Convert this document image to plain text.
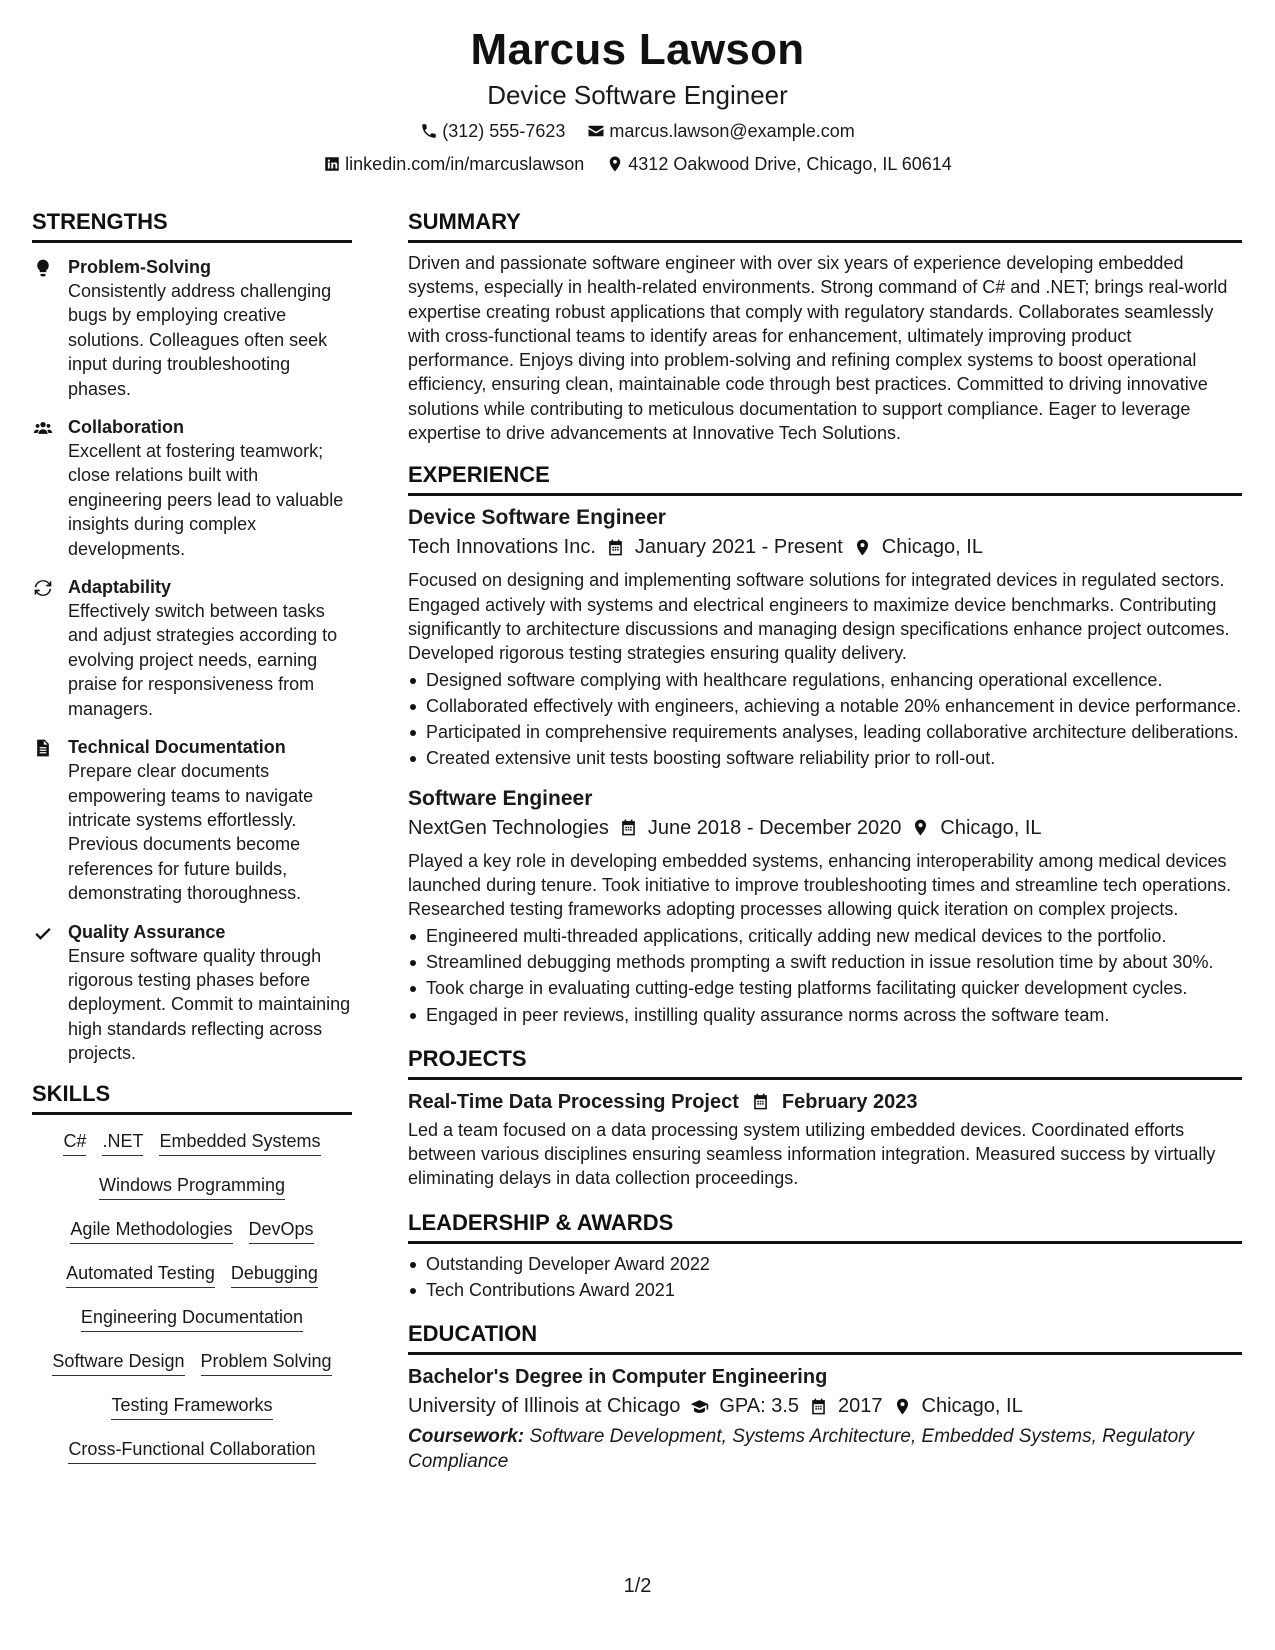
Marcus Lawson
Device Software Engineer
(312) 555-7623 marcus.lawson@example.com
linkedin.com/in/marcuslawson 4312 Oakwood Drive, Chicago, IL 60614
STRENGTHS
Problem-Solving
Consistently address challenging bugs by employing creative solutions. Colleagues often seek input during troubleshooting phases.
Collaboration
Excellent at fostering teamwork; close relations built with engineering peers lead to valuable insights during complex developments.
Adaptability
Effectively switch between tasks and adjust strategies according to evolving project needs, earning praise for responsiveness from managers.
Technical Documentation
Prepare clear documents empowering teams to navigate intricate systems effortlessly. Previous documents become references for future builds, demonstrating thoroughness.
Quality Assurance
Ensure software quality through rigorous testing phases before deployment. Commit to maintaining high standards reflecting across projects.
SKILLS
C# .NET Embedded Systems
Windows Programming
Agile Methodologies DevOps
Automated Testing Debugging
Engineering Documentation
Software Design Problem Solving
Testing Frameworks
Cross-Functional Collaboration
SUMMARY
Driven and passionate software engineer with over six years of experience developing embedded systems, especially in health-related environments. Strong command of C# and .NET; brings real-world expertise creating robust applications that comply with regulatory standards. Collaborates seamlessly with cross-functional teams to identify areas for enhancement, ultimately improving product performance. Enjoys diving into problem-solving and refining complex systems to boost operational efficiency, ensuring clean, maintainable code through best practices. Committed to driving innovative solutions while contributing to meticulous documentation to support compliance. Eager to leverage expertise to drive advancements at Innovative Tech Solutions.
EXPERIENCE
Device Software Engineer
Tech Innovations Inc. January 2021 - Present Chicago, IL
Focused on designing and implementing software solutions for integrated devices in regulated sectors. Engaged actively with systems and electrical engineers to maximize device benchmarks. Contributing significantly to architecture discussions and managing design specifications enhance project outcomes. Developed rigorous testing strategies ensuring quality delivery.
Designed software complying with healthcare regulations, enhancing operational excellence.
Collaborated effectively with engineers, achieving a notable 20% enhancement in device performance.
Participated in comprehensive requirements analyses, leading collaborative architecture deliberations.
Created extensive unit tests boosting software reliability prior to roll-out.
Software Engineer
NextGen Technologies June 2018 - December 2020 Chicago, IL
Played a key role in developing embedded systems, enhancing interoperability among medical devices launched during tenure. Took initiative to improve troubleshooting times and streamline tech operations. Researched testing frameworks adopting processes allowing quick iteration on complex projects.
Engineered multi-threaded applications, critically adding new medical devices to the portfolio.
Streamlined debugging methods prompting a swift reduction in issue resolution time by about 30%.
Took charge in evaluating cutting-edge testing platforms facilitating quicker development cycles.
Engaged in peer reviews, instilling quality assurance norms across the software team.
PROJECTS
Real-Time Data Processing Project February 2023
Led a team focused on a data processing system utilizing embedded devices. Coordinated efforts between various disciplines ensuring seamless information integration. Measured success by virtually eliminating delays in data collection proceedings.
LEADERSHIP & AWARDS
Outstanding Developer Award 2022
Tech Contributions Award 2021
EDUCATION
Bachelor's Degree in Computer Engineering
University of Illinois at Chicago GPA: 3.5 2017 Chicago, IL
Coursework: Software Development, Systems Architecture, Embedded Systems, Regulatory Compliance
1/2
